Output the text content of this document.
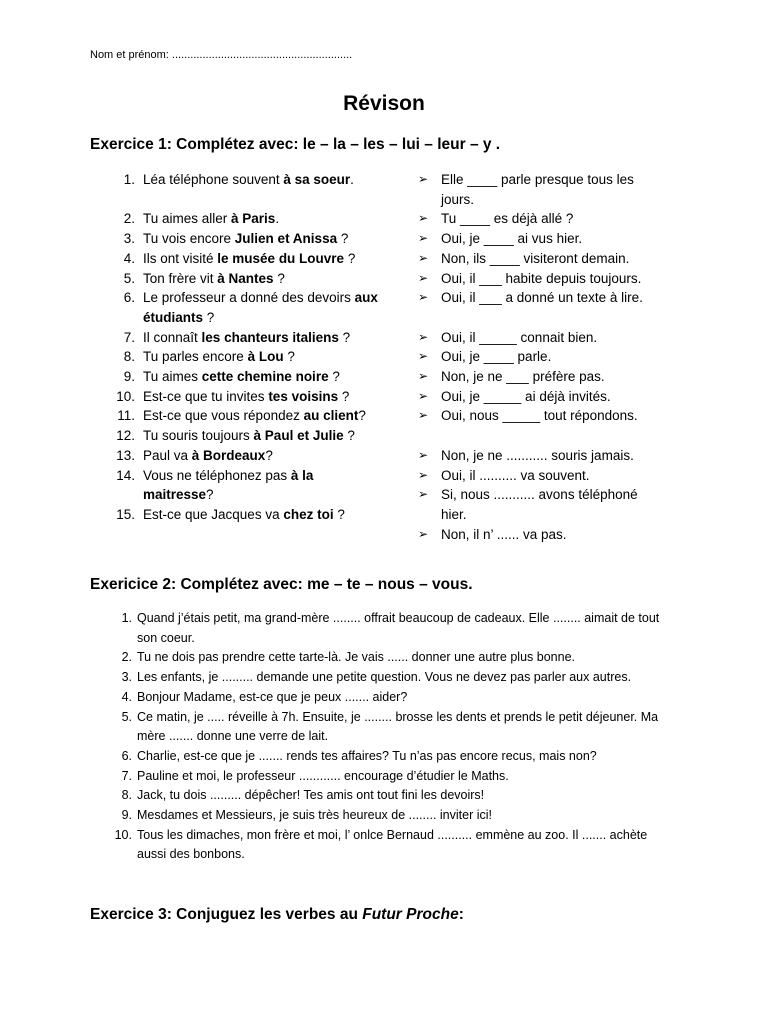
Nom et prénom: ...........................................................
Révison
Exercice 1: Complétez avec: le – la – les – lui – leur – y .
1. Léa téléphone souvent à sa soeur.
2. Tu aimes aller à Paris.
3. Tu vois encore Julien et Anissa ?
4. Ils ont visité le musée du Louvre ?
5. Ton frère vit à Nantes ?
6. Le professeur a donné des devoirs aux étudiants ?
7. Il connaît les chanteurs italiens ?
8. Tu parles encore à Lou ?
9. Tu aimes cette chemine noire ?
10. Est-ce que tu invites tes voisins ?
11. Est-ce que vous répondez au client?
12. Tu souris toujours à Paul et Julie ?
13. Paul va à Bordeaux?
14. Vous ne téléphonez pas à la maitresse?
15. Est-ce que Jacques va chez toi ?
➢ Elle ____ parle presque tous les jours.
➢ Tu ____ es déjà allé ?
➢ Oui, je ____ ai vus hier.
➢ Non, ils ____ visiteront demain.
➢ Oui, il ___ habite depuis toujours.
➢ Oui, il ___ a donné un texte à lire.
➢ Oui, il _____ connait bien.
➢ Oui, je ____ parle.
➢ Non, je ne ___ préfère pas.
➢ Oui, je _____ ai déjà invités.
➢ Oui, nous _____ tout répondons.
➢ Non, je ne ........... souris jamais.
➢ Oui, il .......... va souvent.
➢ Si, nous ........... avons téléphoné hier.
➢ Non, il n’ ...... va pas.
Exericice 2: Complétez avec: me – te – nous – vous.
1. Quand j’étais petit, ma grand-mère ........ offrait beaucoup de cadeaux. Elle ........ aimait de tout son coeur.
2. Tu ne dois pas prendre cette tarte-là. Je vais ...... donner une autre plus bonne.
3. Les enfants, je ......... demande une petite question. Vous ne devez pas parler aux autres.
4. Bonjour Madame, est-ce que je peux ....... aider?
5. Ce matin, je ..... réveille à 7h. Ensuite, je ........ brosse les dents et prends le petit déjeuner. Ma mère ....... donne une verre de lait.
6. Charlie, est-ce que je ....... rends tes affaires? Tu n’as pas encore recus, mais non?
7. Pauline et moi, le professeur ............ encourage d’étudier le Maths.
8. Jack, tu dois ......... dépêcher! Tes amis ont tout fini les devoirs!
9. Mesdames et Messieurs, je suis très heureux de ........ inviter ici!
10. Tous les dimaches, mon frère et moi, l’ onlce Bernaud .......... emmène au zoo. Il ....... achète aussi des bonbons.
Exercice 3: Conjuguez les verbes au Futur Proche:
